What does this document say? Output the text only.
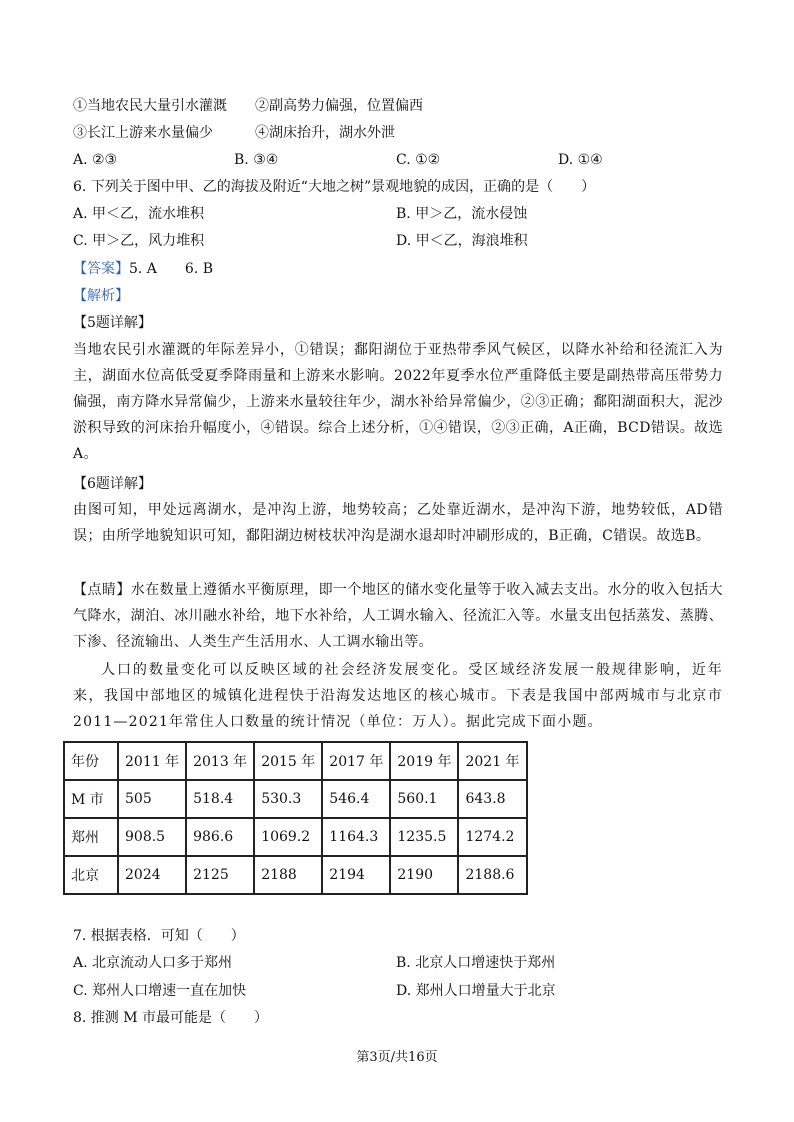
①当地农民大量引水灌溉　　②副高势力偏强，位置偏西
③长江上游来水量偏少　　　④湖床抬升，湖水外泄
A. ②③	B. ③④	C. ①②	D. ①④
6. 下列关于图中甲、乙的海拔及附近“大地之树”景观地貌的成因，正确的是（　　）
A. 甲＜乙，流水堆积	B. 甲＞乙，流水侵蚀
C. 甲＞乙，风力堆积	D. 甲＜乙，海浪堆积
【答案】5. A　　6. B
【解析】
【5题详解】
当地农民引水灌溉的年际差异小，①错误；鄱阳湖位于亚热带季风气候区，以降水补给和径流汇入为主，湖面水位高低受夏季降雨量和上游来水影响。2022年夏季水位严重降低主要是副热带高压带势力偏强，南方降水异常偏少，上游来水量较往年少，湖水补给异常偏少，②③正确；鄱阳湖面积大，泥沙淤积导致的河床抬升幅度小，④错误。综合上述分析，①④错误，②③正确，A正确，BCD错误。故选A。
【6题详解】
由图可知，甲处远离湖水，是冲沟上游，地势较高；乙处靠近湖水，是冲沟下游，地势较低，AD错误；由所学地貌知识可知，鄱阳湖边树枝状冲沟是湖水退却时冲刷形成的，B正确，C错误。故选B。
【点睛】水在数量上遵循水平衡原理，即一个地区的储水变化量等于收入减去支出。水分的收入包括大气降水，湖泊、冰川融水补给，地下水补给，人工调水输入、径流汇入等。水量支出包括蒸发、蒸腾、下渗、径流输出、人类生产生活用水、人工调水输出等。
人口的数量变化可以反映区域的社会经济发展变化。受区域经济发展一般规律影响，近年来，我国中部地区的城镇化进程快于沿海发达地区的核心城市。下表是我国中部两城市与北京市2011—2021年常住人口数量的统计情况（单位：万人）。据此完成下面小题。
年份	2011 年	2013 年	2015 年	2017 年	2019 年	2021 年
M 市	505	518.4	530.3	546.4	560.1	643.8
郑州	908.5	986.6	1069.2	1164.3	1235.5	1274.2
北京	2024	2125	2188	2194	2190	2188.6
7. 根据表格．可知（　　）
A. 北京流动人口多于郑州	B. 北京人口增速快于郑州
C. 郑州人口增速一直在加快	D. 郑州人口增量大于北京
8. 推测 M 市最可能是（　　）
第3页/共16页
